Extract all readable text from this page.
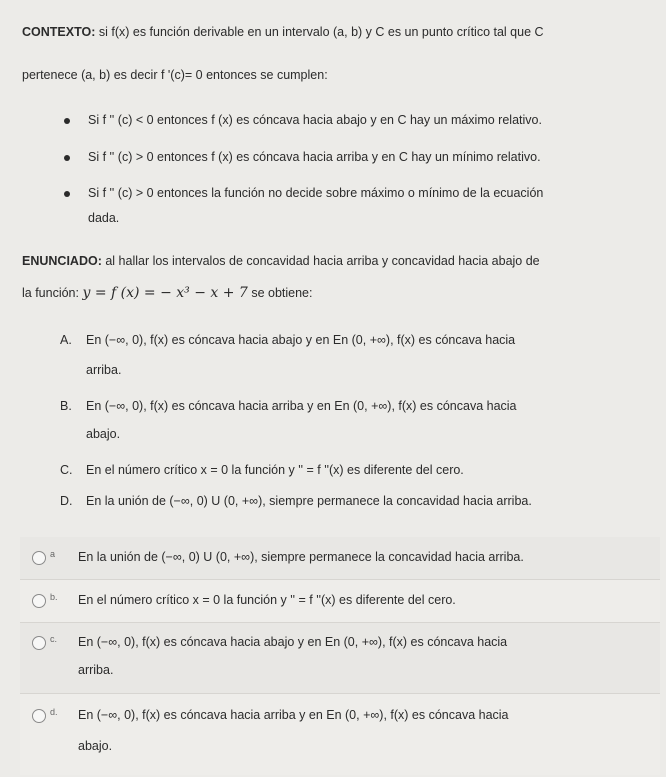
CONTEXTO: si f(x) es función derivable en un intervalo (a, b) y C es un punto crítico tal que C
pertenece (a, b) es decir f '(c)= 0 entonces se cumplen:
Si f '' (c) < 0 entonces f (x) es cóncava hacia abajo y en C hay un máximo relativo.
Si f '' (c) > 0 entonces f (x) es cóncava hacia arriba y en C hay un mínimo relativo.
Si f '' (c) > 0 entonces la función no decide sobre máximo o mínimo de la ecuación
dada.
ENUNCIADO: al hallar los intervalos de concavidad hacia arriba y concavidad hacia abajo de
la función: y = f (x) = − x³ − x + 7 se obtiene:
A. En (−∞, 0), f(x) es cóncava hacia abajo y en En (0, +∞), f(x) es cóncava hacia
arriba.
B. En (−∞, 0), f(x) es cóncava hacia arriba y en En (0, +∞), f(x) es cóncava hacia
abajo.
C. En el número crítico x = 0 la función y '' = f ''(x) es diferente del cero.
D. En la unión de (−∞, 0) U (0, +∞), siempre permanece la concavidad hacia arriba.
a En la unión de (−∞, 0) U (0, +∞), siempre permanece la concavidad hacia arriba.
b. En el número crítico x = 0 la función y '' = f ''(x) es diferente del cero.
c. En (−∞, 0), f(x) es cóncava hacia abajo y en En (0, +∞), f(x) es cóncava hacia
arriba.
d. En (−∞, 0), f(x) es cóncava hacia arriba y en En (0, +∞), f(x) es cóncava hacia
abajo.
